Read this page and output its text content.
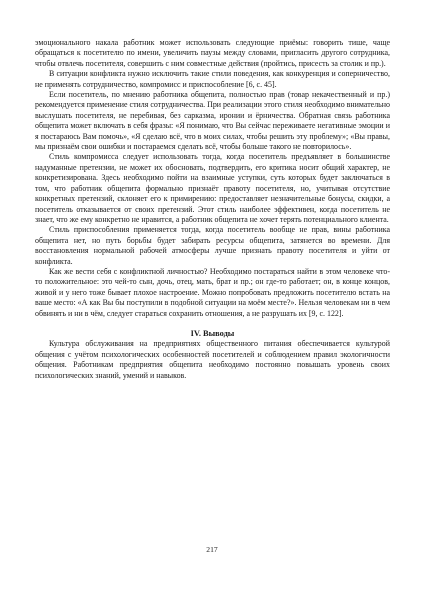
эмоционального накала работник может использовать следующие приёмы: говорить тише, чаще обращаться к посетителю по имени, увеличить паузы между словами, пригласить другого сотрудника, чтобы отвлечь посетителя, совершить с ним совместные действия (пройтись, присесть за столик и пр.).

В ситуации конфликта нужно исключить такие стили поведения, как конкуренция и соперничество, не применять сотрудничество, компромисс и приспособление [6, с. 45].

Если посетитель, по мнению работника общепита, полностью прав (товар некачественный и пр.) рекомендуется применение стиля сотрудничества. При реализации этого стиля необходимо внимательно выслушать посетителя, не перебивая, без сарказма, иронии и ёрничества. Обратная связь работника общепита может включать в себя фразы: «Я понимаю, что Вы сейчас переживаете негативные эмоции и я постараюсь Вам помочь», «Я сделаю всё, что в моих силах, чтобы решить эту проблему»; «Вы правы, мы признаём свои ошибки и постараемся сделать всё, чтобы больше такого не повторилось».

Стиль компромисса следует использовать тогда, когда посетитель предъявляет в большинстве надуманные претензии, не может их обосновать, подтвердить, его критика носит общий характер, не конкретизирована. Здесь необходимо пойти на взаимные уступки, суть которых будет заключаться в том, что работник общепита формально признаёт правоту посетителя, но, учитывая отсутствие конкретных претензий, склоняет его к примирению: предоставляет незначительные бонусы, скидки, а посетитель отказывается от своих претензий. Этот стиль наиболее эффективен, когда посетитель не знает, что же ему конкретно не нравится, а работник общепита не хочет терять потенциального клиента.

Стиль приспособления применяется тогда, когда посетитель вообще не прав, вины работника общепита нет, но путь борьбы будет забирать ресурсы общепита, затянется во времени. Для восстановления нормальной рабочей атмосферы лучше признать правоту посетителя и уйти от конфликта.

Как же вести себя с конфликтной личностью? Необходимо постараться найти в этом человеке что-то положительное: это чей-то сын, дочь, отец, мать, брат и пр.; он где-то работает; он, в конце концов, живой и у него тоже бывает плохое настроение. Можно попробовать предложить посетителю встать на ваше место: «А как Вы бы поступили в подобной ситуации на моём месте?». Нельзя человекам ни в чем обвинять и ни в чём, следует стараться сохранить отношения, а не разрушать их [9, с. 122].

IV. Выводы

Культура обслуживания на предприятиях общественного питания обеспечивается культурой общения с учётом психологических особенностей посетителей и соблюдением правил экологичности общения. Работникам предприятия общепита необходимо постоянно повышать уровень своих психологических знаний, умений и навыков.

217
